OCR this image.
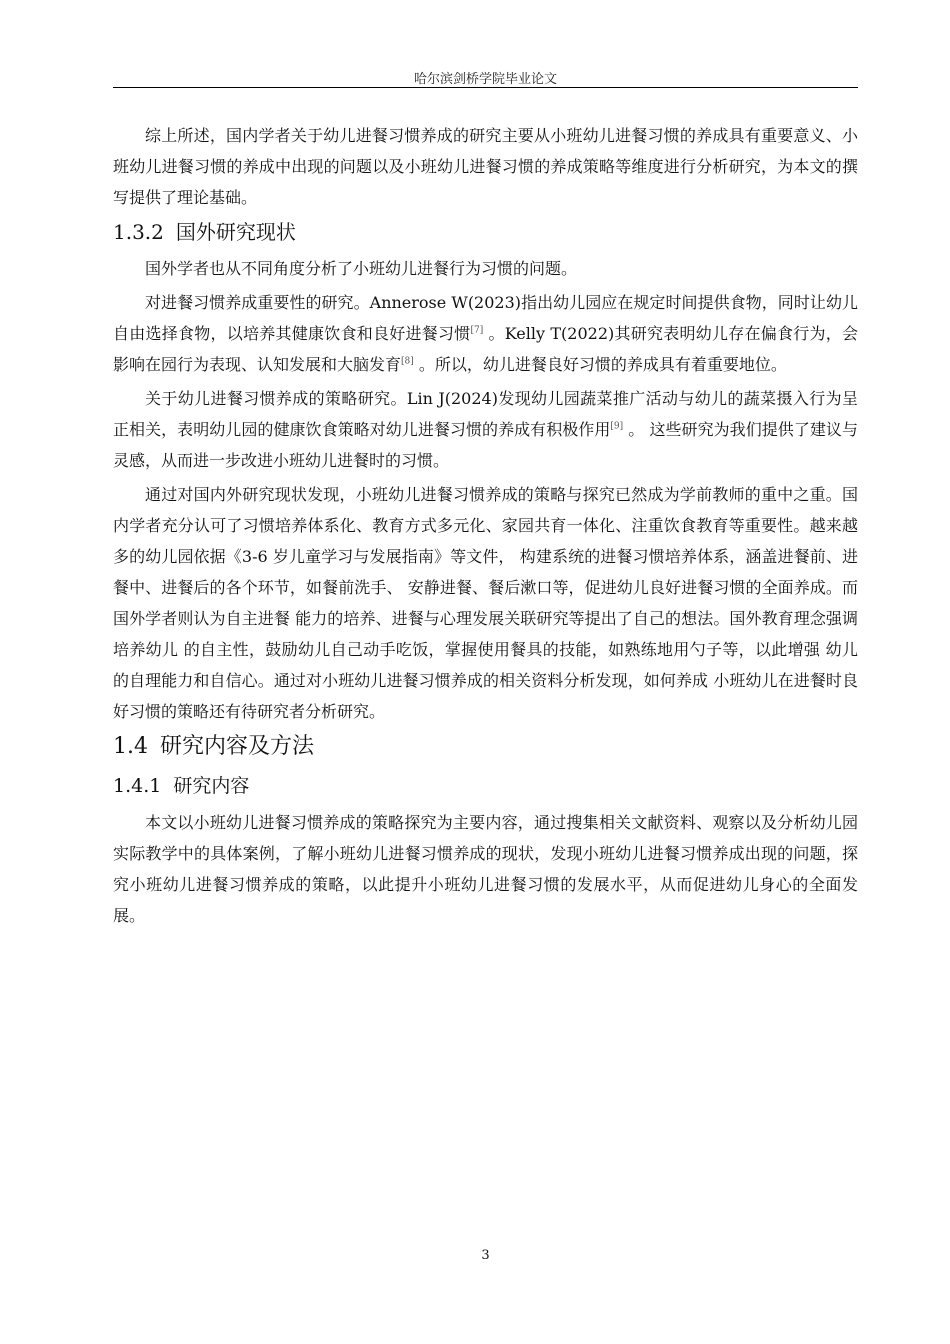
哈尔滨剑桥学院毕业论文

综上所述，国内学者关于幼儿进餐习惯养成的研究主要从小班幼儿进餐习惯的养成具有重要意义、小班幼儿进餐习惯的养成中出现的问题以及小班幼儿进餐习惯的养成策略等维度进行分析研究，为本文的撰写提供了理论基础。

1.3.2 国外研究现状

国外学者也从不同角度分析了小班幼儿进餐行为习惯的问题。

对进餐习惯养成重要性的研究。Annerose W(2023)指出幼儿园应在规定时间提供食物，同时让幼儿自由选择食物，以培养其健康饮食和良好进餐习惯[7] 。Kelly T(2022)其研究表明幼儿存在偏食行为，会影响在园行为表现、认知发展和大脑发育[8] 。所以，幼儿进餐良好习惯的养成具有着重要地位。

关于幼儿进餐习惯养成的策略研究。Lin J(2024)发现幼儿园蔬菜推广活动与幼儿的蔬菜摄入行为呈正相关，表明幼儿园的健康饮食策略对幼儿进餐习惯的养成有积极作用[9] 。 这些研究为我们提供了建议与灵感，从而进一步改进小班幼儿进餐时的习惯。

通过对国内外研究现状发现，小班幼儿进餐习惯养成的策略与探究已然成为学前教师的重中之重。国内学者充分认可了习惯培养体系化、教育方式多元化、家园共育一体化、注重饮食教育等重要性。越来越多的幼儿园依据《3-6 岁儿童学习与发展指南》等文件， 构建系统的进餐习惯培养体系，涵盖进餐前、进餐中、进餐后的各个环节，如餐前洗手、 安静进餐、餐后漱口等，促进幼儿良好进餐习惯的全面养成。而国外学者则认为自主进餐 能力的培养、进餐与心理发展关联研究等提出了自己的想法。国外教育理念强调培养幼儿 的自主性，鼓励幼儿自己动手吃饭，掌握使用餐具的技能，如熟练地用勺子等，以此增强 幼儿的自理能力和自信心。通过对小班幼儿进餐习惯养成的相关资料分析发现，如何养成 小班幼儿在进餐时良好习惯的策略还有待研究者分析研究。

1.4 研究内容及方法
1.4.1 研究内容

本文以小班幼儿进餐习惯养成的策略探究为主要内容，通过搜集相关文献资料、观察以及分析幼儿园实际教学中的具体案例，了解小班幼儿进餐习惯养成的现状，发现小班幼儿进餐习惯养成出现的问题，探究小班幼儿进餐习惯养成的策略，以此提升小班幼儿进餐习惯的发展水平，从而促进幼儿身心的全面发展。

3
